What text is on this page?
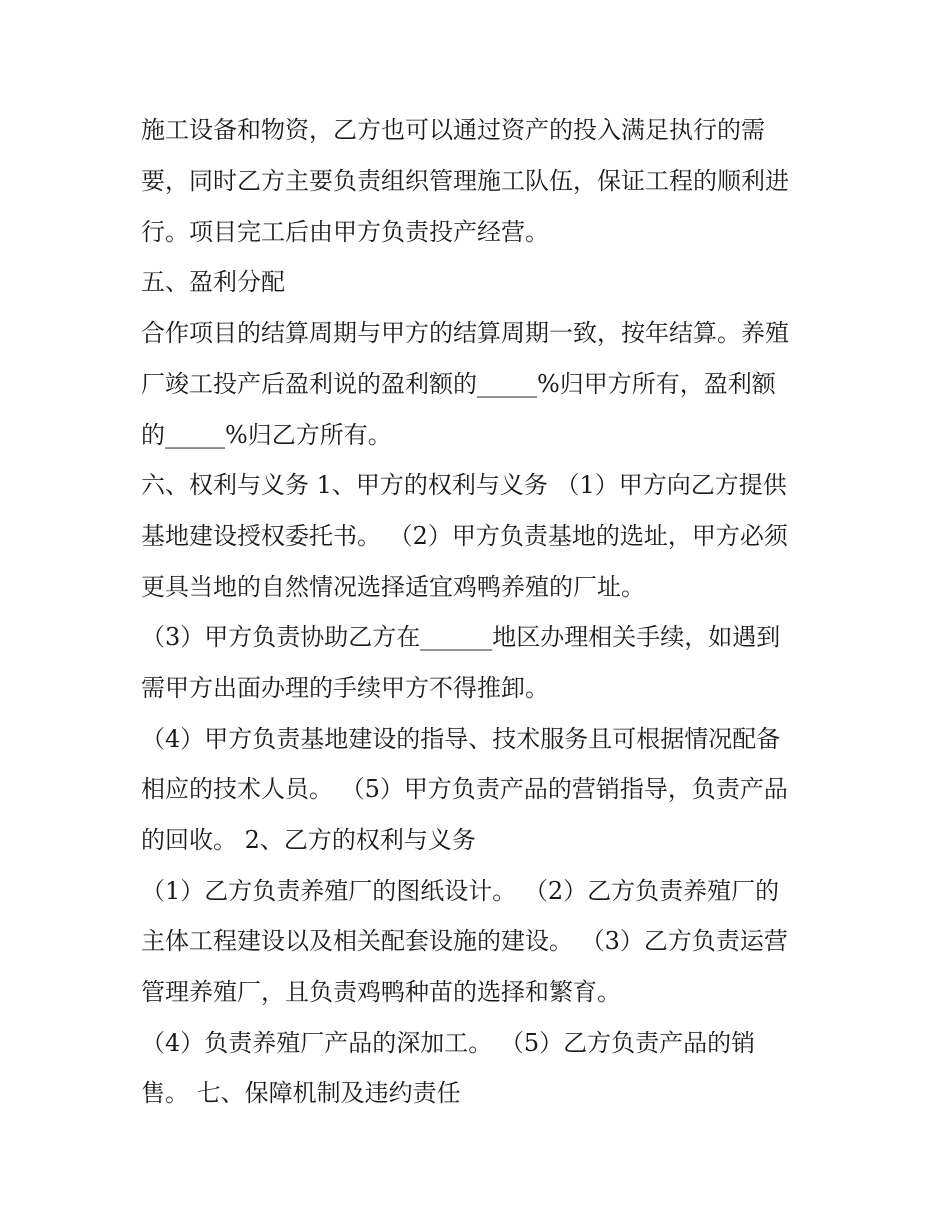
施工设备和物资，乙方也可以通过资产的投入满足执行的需
要，同时乙方主要负责组织管理施工队伍，保证工程的顺利进
行。项目完工后由甲方负责投产经营。
五、盈利分配
合作项目的结算周期与甲方的结算周期一致，按年结算。养殖
厂竣工投产后盈利说的盈利额的_____%归甲方所有，盈利额
的_____%归乙方所有。
六、权利与义务 1、甲方的权利与义务 （1）甲方向乙方提供
基地建设授权委托书。 （2）甲方负责基地的选址，甲方必须
更具当地的自然情况选择适宜鸡鸭养殖的厂址。
（3）甲方负责协助乙方在______地区办理相关手续，如遇到
需甲方出面办理的手续甲方不得推卸。
（4）甲方负责基地建设的指导、技术服务且可根据情况配备
相应的技术人员。 （5）甲方负责产品的营销指导，负责产品
的回收。 2、乙方的权利与义务
（1）乙方负责养殖厂的图纸设计。 （2）乙方负责养殖厂的
主体工程建设以及相关配套设施的建设。 （3）乙方负责运营
管理养殖厂，且负责鸡鸭种苗的选择和繁育。
（4）负责养殖厂产品的深加工。 （5）乙方负责产品的销
售。 七、保障机制及违约责任
